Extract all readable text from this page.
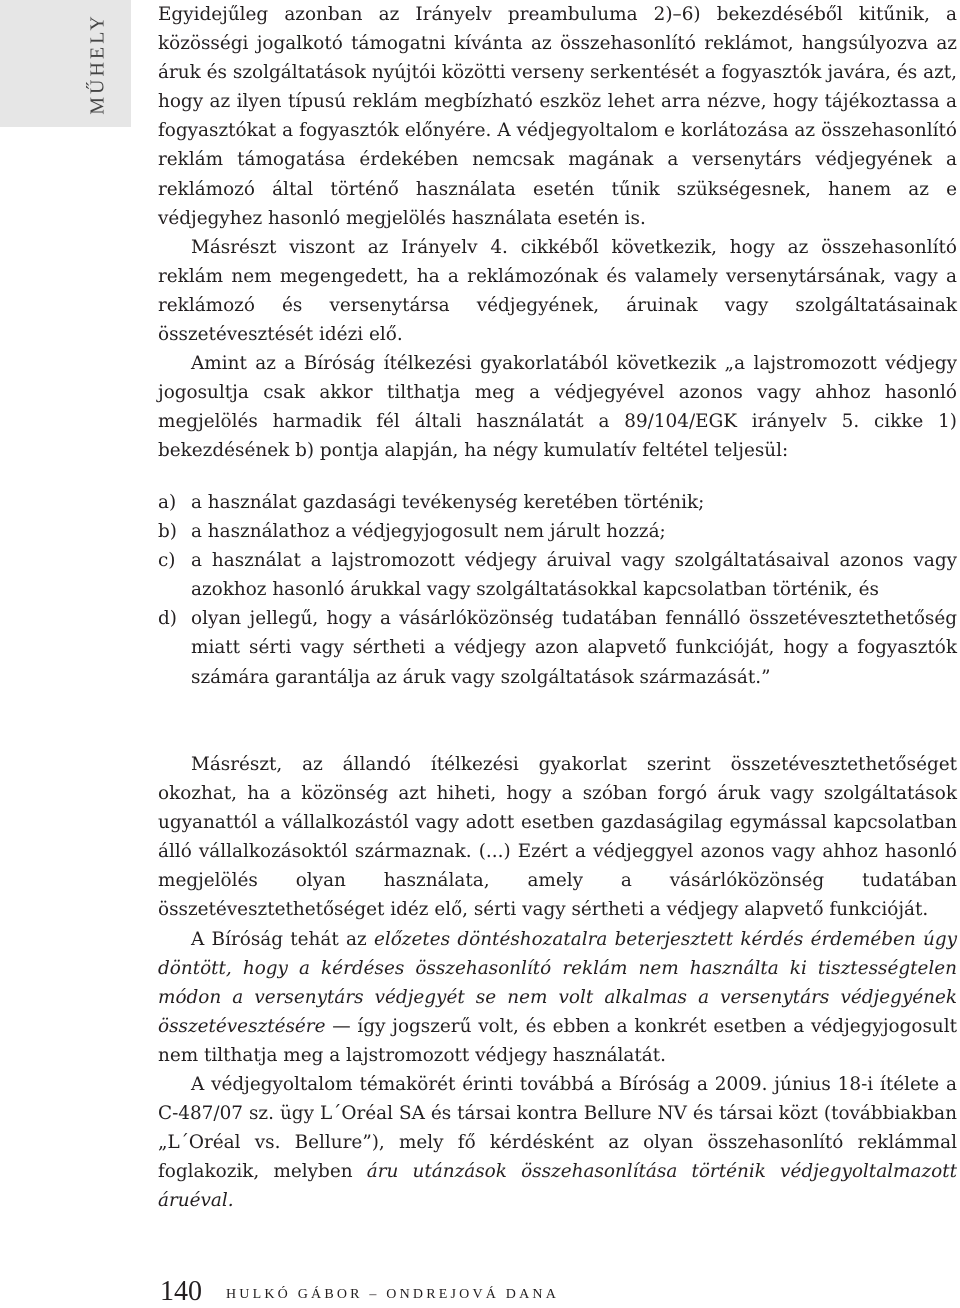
MŰHELY	Egyidejűleg azonban az Irányelv preambuluma 2)–6) bekezdéséből kitűnik, a közösségi jogalkotó támogatni kívánta az összehasonlító reklámot, hangsúlyozva az áruk és szolgáltatások nyújtói közötti verseny serkentését a fogyasztók javára, és azt, hogy az ilyen típusú reklám megbízható eszköz lehet arra nézve, hogy tájékoztassa a fogyasztókat a fogyasztók előnyére. A védjegyoltalom e korlátozása az összehasonlító reklám támogatása érdekében nemcsak magának a versenytárs védjegyének a reklámozó által történő használata esetén tűnik szükségesnek, hanem az e védjegyhez hasonló megjelölés használata esetén is.

Másrészt viszont az Irányelv 4. cikkéből következik, hogy az összehasonlító reklám nem megengedett, ha a reklámozónak és valamely versenytársának, vagy a reklámozó és versenytársa védjegyének, áruinak vagy szolgáltatásainak összetévesztését idézi elő.

Amint az a Bíróság ítélkezési gyakorlatából következik „a lajstromozott védjegy jogosultja csak akkor tilthatja meg a védjegyével azonos vagy ahhoz hasonló megjelölés harmadik fél általi használatát a 89/104/EGK irányelv 5. cikke 1) bekezdésének b) pontja alapján, ha négy kumulatív feltétel teljesül:

a) a használat gazdasági tevékenység keretében történik;
b) a használathoz a védjegyjogosult nem járult hozzá;
c) a használat a lajstromozott védjegy áruival vagy szolgáltatásaival azonos vagy azokhoz hasonló árukkal vagy szolgáltatásokkal kapcsolatban történik, és
d) olyan jellegű, hogy a vásárlóközönség tudatában fennálló összetévesztethetőség miatt sérti vagy sértheti a védjegy azon alapvető funkcióját, hogy a fogyasztók számára garantálja az áruk vagy szolgáltatások származását.”

Másrészt, az állandó ítélkezési gyakorlat szerint összetévesztethetőséget okozhat, ha a közönség azt hiheti, hogy a szóban forgó áruk vagy szolgáltatások ugyanattól a vállalkozástól vagy adott esetben gazdaságilag egymással kapcsolatban álló vállalkozásoktól származnak. (...) Ezért a védjeggyel azonos vagy ahhoz hasonló megjelölés olyan használata, amely a vásárlóközönség tudatában összetévesztethetőséget idéz elő, sérti vagy sértheti a védjegy alapvető funkcióját.

A Bíróság tehát az előzetes döntéshozatalra beterjesztett kérdés érdemében úgy döntött, hogy a kérdéses összehasonlító reklám nem használta ki tisztességtelen módon a versenytárs védjegyét se nem volt alkalmas a versenytárs védjegyének összetévesztésére — így jogszerű volt, és ebben a konkrét esetben a védjegyjogosult nem tilthatja meg a lajstromozott védjegy használatát.

A védjegyoltalom témakörét érinti továbbá a Bíróság a 2009. június 18-i ítélete a C-487/07 sz. ügy L´Oréal SA és társai kontra Bellure NV és társai közt (továbbiakban „L´Oréal vs. Bellure”), mely fő kérdésként az olyan összehasonlító reklámmal foglakozik, melyben áru utánzások összehasonlítása történik védjegyoltalmazott áruéval.

140 HULKÓ GÁBOR – ONDREJOVÁ DANA
